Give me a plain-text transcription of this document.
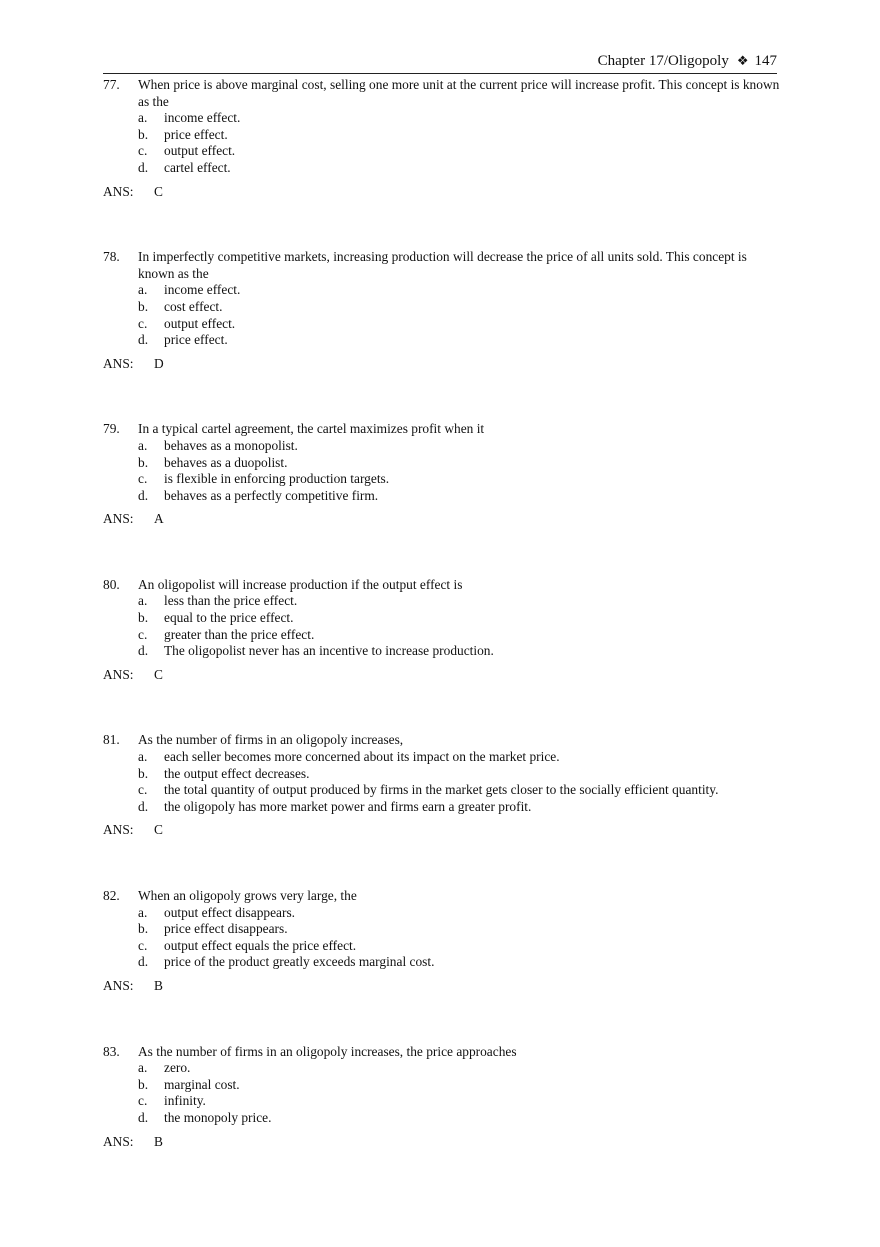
Chapter 17/Oligopoly ❖ 147
77. When price is above marginal cost, selling one more unit at the current price will increase profit. This concept is known as the
a. income effect.
b. price effect.
c. output effect.
d. cartel effect.
ANS: C
78. In imperfectly competitive markets, increasing production will decrease the price of all units sold. This concept is known as the
a. income effect.
b. cost effect.
c. output effect.
d. price effect.
ANS: D
79. In a typical cartel agreement, the cartel maximizes profit when it
a. behaves as a monopolist.
b. behaves as a duopolist.
c. is flexible in enforcing production targets.
d. behaves as a perfectly competitive firm.
ANS: A
80. An oligopolist will increase production if the output effect is
a. less than the price effect.
b. equal to the price effect.
c. greater than the price effect.
d. The oligopolist never has an incentive to increase production.
ANS: C
81. As the number of firms in an oligopoly increases,
a. each seller becomes more concerned about its impact on the market price.
b. the output effect decreases.
c. the total quantity of output produced by firms in the market gets closer to the socially efficient quantity.
d. the oligopoly has more market power and firms earn a greater profit.
ANS: C
82. When an oligopoly grows very large, the
a. output effect disappears.
b. price effect disappears.
c. output effect equals the price effect.
d. price of the product greatly exceeds marginal cost.
ANS: B
83. As the number of firms in an oligopoly increases, the price approaches
a. zero.
b. marginal cost.
c. infinity.
d. the monopoly price.
ANS: B
